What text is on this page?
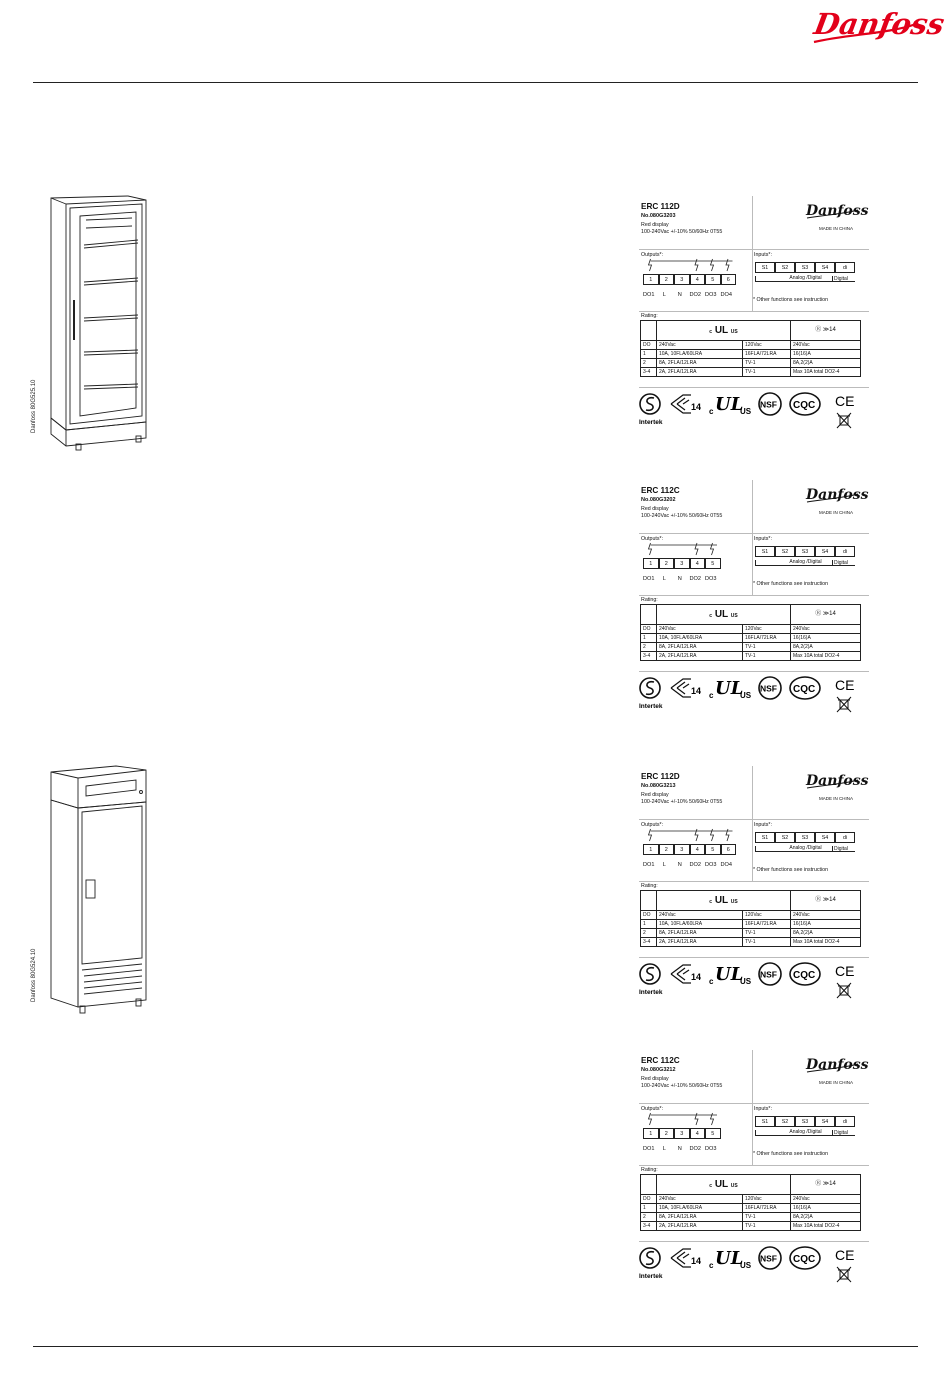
Danfoss
Danfoss 80G525.10
Danfoss 80G524.10
ERC 112D
No.080G3203
Red display
100-240Vac +/-10% 50/60Hz 0T55
Danfoss
MADE IN CHINA
Outputs*:
1	2	3	4	5	6
DO1	L	N	DO2 DO3 DO4
Inputs*:
S1	S2	S3	S4	di
Analog /Digital	Digital
* Other functions see instruction
Rating:
	c UL US		Ⓡ ≫14
DO	240Vac	120Vac	240Vac
1	10A, 10FLA/60LRA	16FLA/72LRA	16(16)A
2	8A, 2FLA/12LRA	TV-1	8A,2(2)A
3-4	2A, 2FLA/12LRA	TV-1	Max 10A total DO2-4
Intertek
14 c UL
US
NSF CQC CE
ERC 112C
No.080G3202
Red display
100-240Vac +/-10% 50/60Hz 0T55
Danfoss
MADE IN CHINA
Outputs*:
1	2	3	4	5
DO1	L	N	DO2 DO3
Inputs*:
S1	S2	S3	S4	di
Analog /Digital	Digital
* Other functions see instruction
Rating:
	c UL US		Ⓡ ≫14
DO	240Vac	120Vac	240Vac
1	10A, 10FLA/60LRA	16FLA/72LRA	16(16)A
2	8A, 2FLA/12LRA	TV-1	8A,2(2)A
3-4	2A, 2FLA/12LRA	TV-1	Max 10A total DO2-4
Intertek
14 c UL
US
NSF CQC CE
ERC 112D
No.080G3213
Red display
100-240Vac +/-10% 50/60Hz 0T55
Danfoss
MADE IN CHINA
Outputs*:
1	2	3	4	5	6
DO1	L	N	DO2 DO3 DO4
Inputs*:
S1	S2	S3	S4	di
Analog /Digital	Digital
* Other functions see instruction
Rating:
	c UL US		Ⓡ ≫14
DO	240Vac	120Vac	240Vac
1	10A, 10FLA/60LRA	16FLA/72LRA	16(16)A
2	8A, 2FLA/12LRA	TV-1	8A,2(2)A
3-4	2A, 2FLA/12LRA	TV-1	Max 10A total DO2-4
Intertek
14 c UL
US
NSF CQC CE
ERC 112C
No.080G3212
Red display
100-240Vac +/-10% 50/60Hz 0T55
Danfoss
MADE IN CHINA
Outputs*:
1	2	3	4	5
DO1	L	N	DO2 DO3
Inputs*:
S1	S2	S3	S4	di
Analog /Digital	Digital
* Other functions see instruction
Rating:
	c UL US		Ⓡ ≫14
DO	240Vac	120Vac	240Vac
1	10A, 10FLA/60LRA	16FLA/72LRA	16(16)A
2	8A, 2FLA/12LRA	TV-1	8A,2(2)A
3-4	2A, 2FLA/12LRA	TV-1	Max 10A total DO2-4
Intertek
14 c UL
US
NSF CQC CE
